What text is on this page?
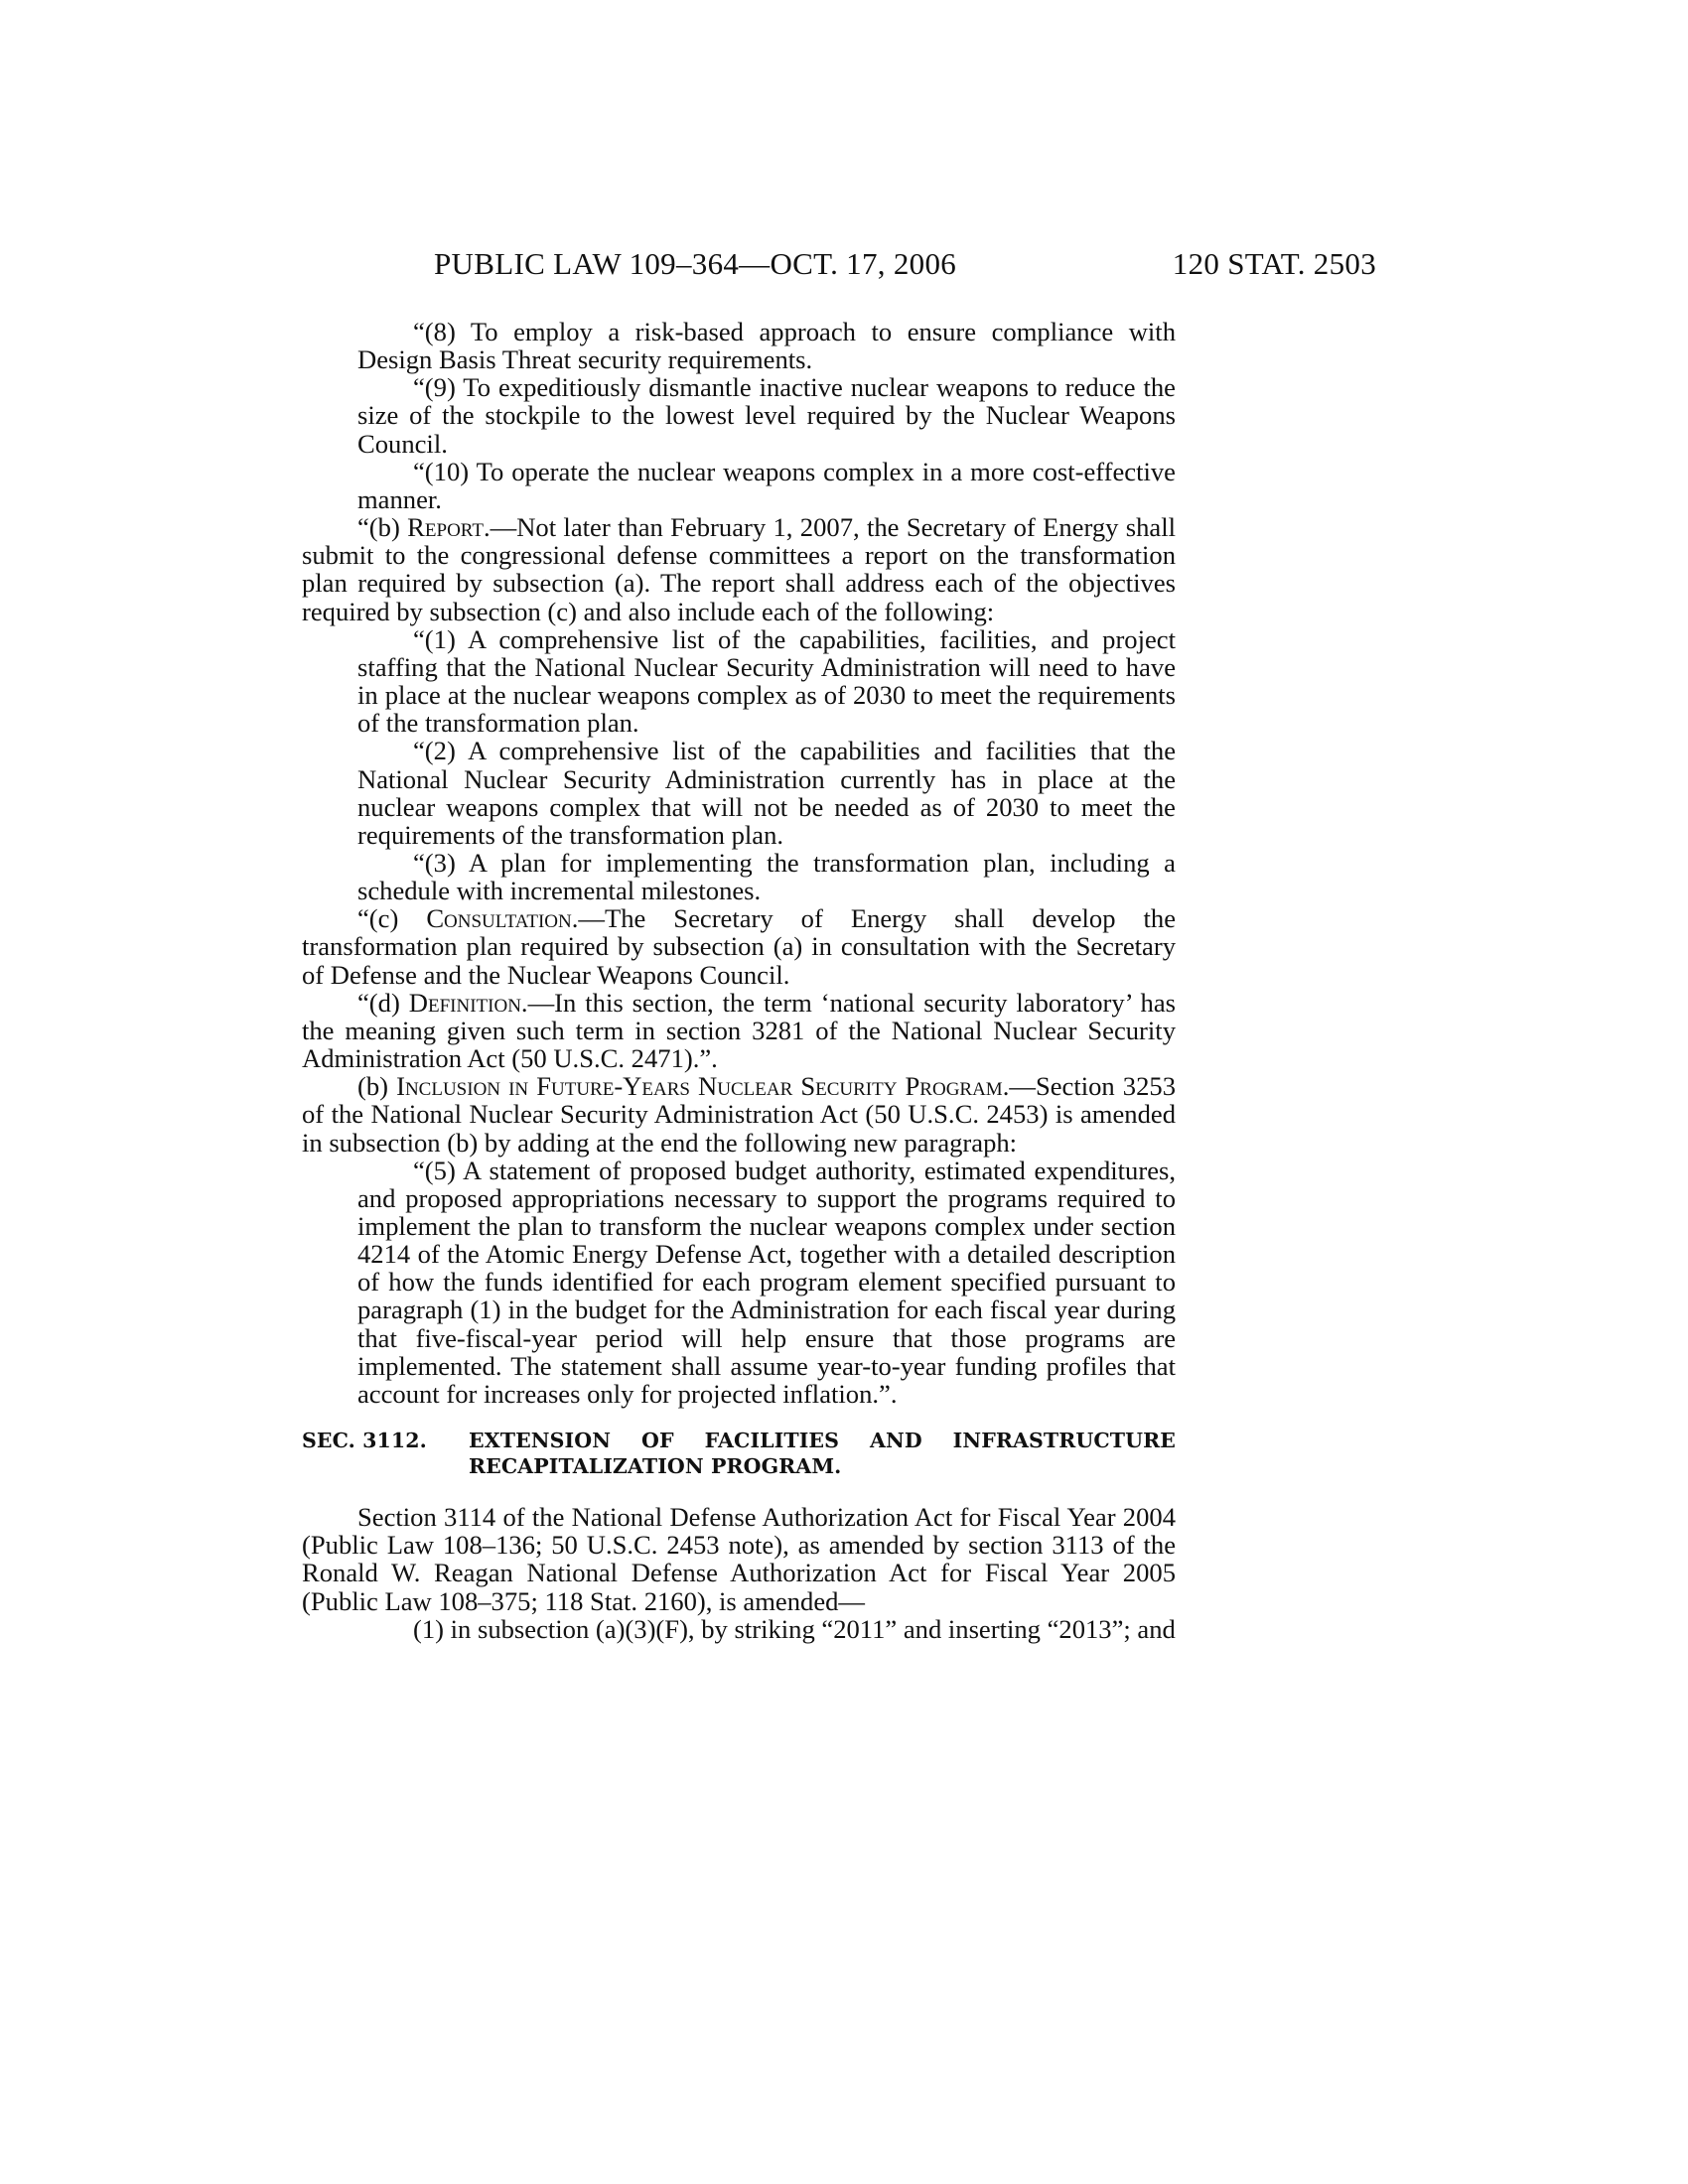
PUBLIC LAW 109–364—OCT. 17, 2006	120 STAT. 2503

“(8) To employ a risk-based approach to ensure compliance with Design Basis Threat security requirements.

“(9) To expeditiously dismantle inactive nuclear weapons to reduce the size of the stockpile to the lowest level required by the Nuclear Weapons Council.

“(10) To operate the nuclear weapons complex in a more cost-effective manner.

“(b) Report.—Not later than February 1, 2007, the Secretary of Energy shall submit to the congressional defense committees a report on the transformation plan required by subsection (a). The report shall address each of the objectives required by subsection (c) and also include each of the following:

“(1) A comprehensive list of the capabilities, facilities, and project staffing that the National Nuclear Security Administration will need to have in place at the nuclear weapons complex as of 2030 to meet the requirements of the transformation plan.

“(2) A comprehensive list of the capabilities and facilities that the National Nuclear Security Administration currently has in place at the nuclear weapons complex that will not be needed as of 2030 to meet the requirements of the transformation plan.

“(3) A plan for implementing the transformation plan, including a schedule with incremental milestones.

“(c) Consultation.—The Secretary of Energy shall develop the transformation plan required by subsection (a) in consultation with the Secretary of Defense and the Nuclear Weapons Council.

“(d) Definition.—In this section, the term ‘national security laboratory’ has the meaning given such term in section 3281 of the National Nuclear Security Administration Act (50 U.S.C. 2471).”.

(b) Inclusion in Future-Years Nuclear Security Program.—Section 3253 of the National Nuclear Security Administration Act (50 U.S.C. 2453) is amended in subsection (b) by adding at the end the following new paragraph:

“(5) A statement of proposed budget authority, estimated expenditures, and proposed appropriations necessary to support the programs required to implement the plan to transform the nuclear weapons complex under section 4214 of the Atomic Energy Defense Act, together with a detailed description of how the funds identified for each program element specified pursuant to paragraph (1) in the budget for the Administration for each fiscal year during that five-fiscal-year period will help ensure that those programs are implemented. The statement shall assume year-to-year funding profiles that account for increases only for projected inflation.”.

SEC. 3112. EXTENSION OF FACILITIES AND INFRASTRUCTURE RECAPITALIZATION PROGRAM.

Section 3114 of the National Defense Authorization Act for Fiscal Year 2004 (Public Law 108–136; 50 U.S.C. 2453 note), as amended by section 3113 of the Ronald W. Reagan National Defense Authorization Act for Fiscal Year 2005 (Public Law 108–375; 118 Stat. 2160), is amended—

(1) in subsection (a)(3)(F), by striking “2011” and inserting “2013”; and
